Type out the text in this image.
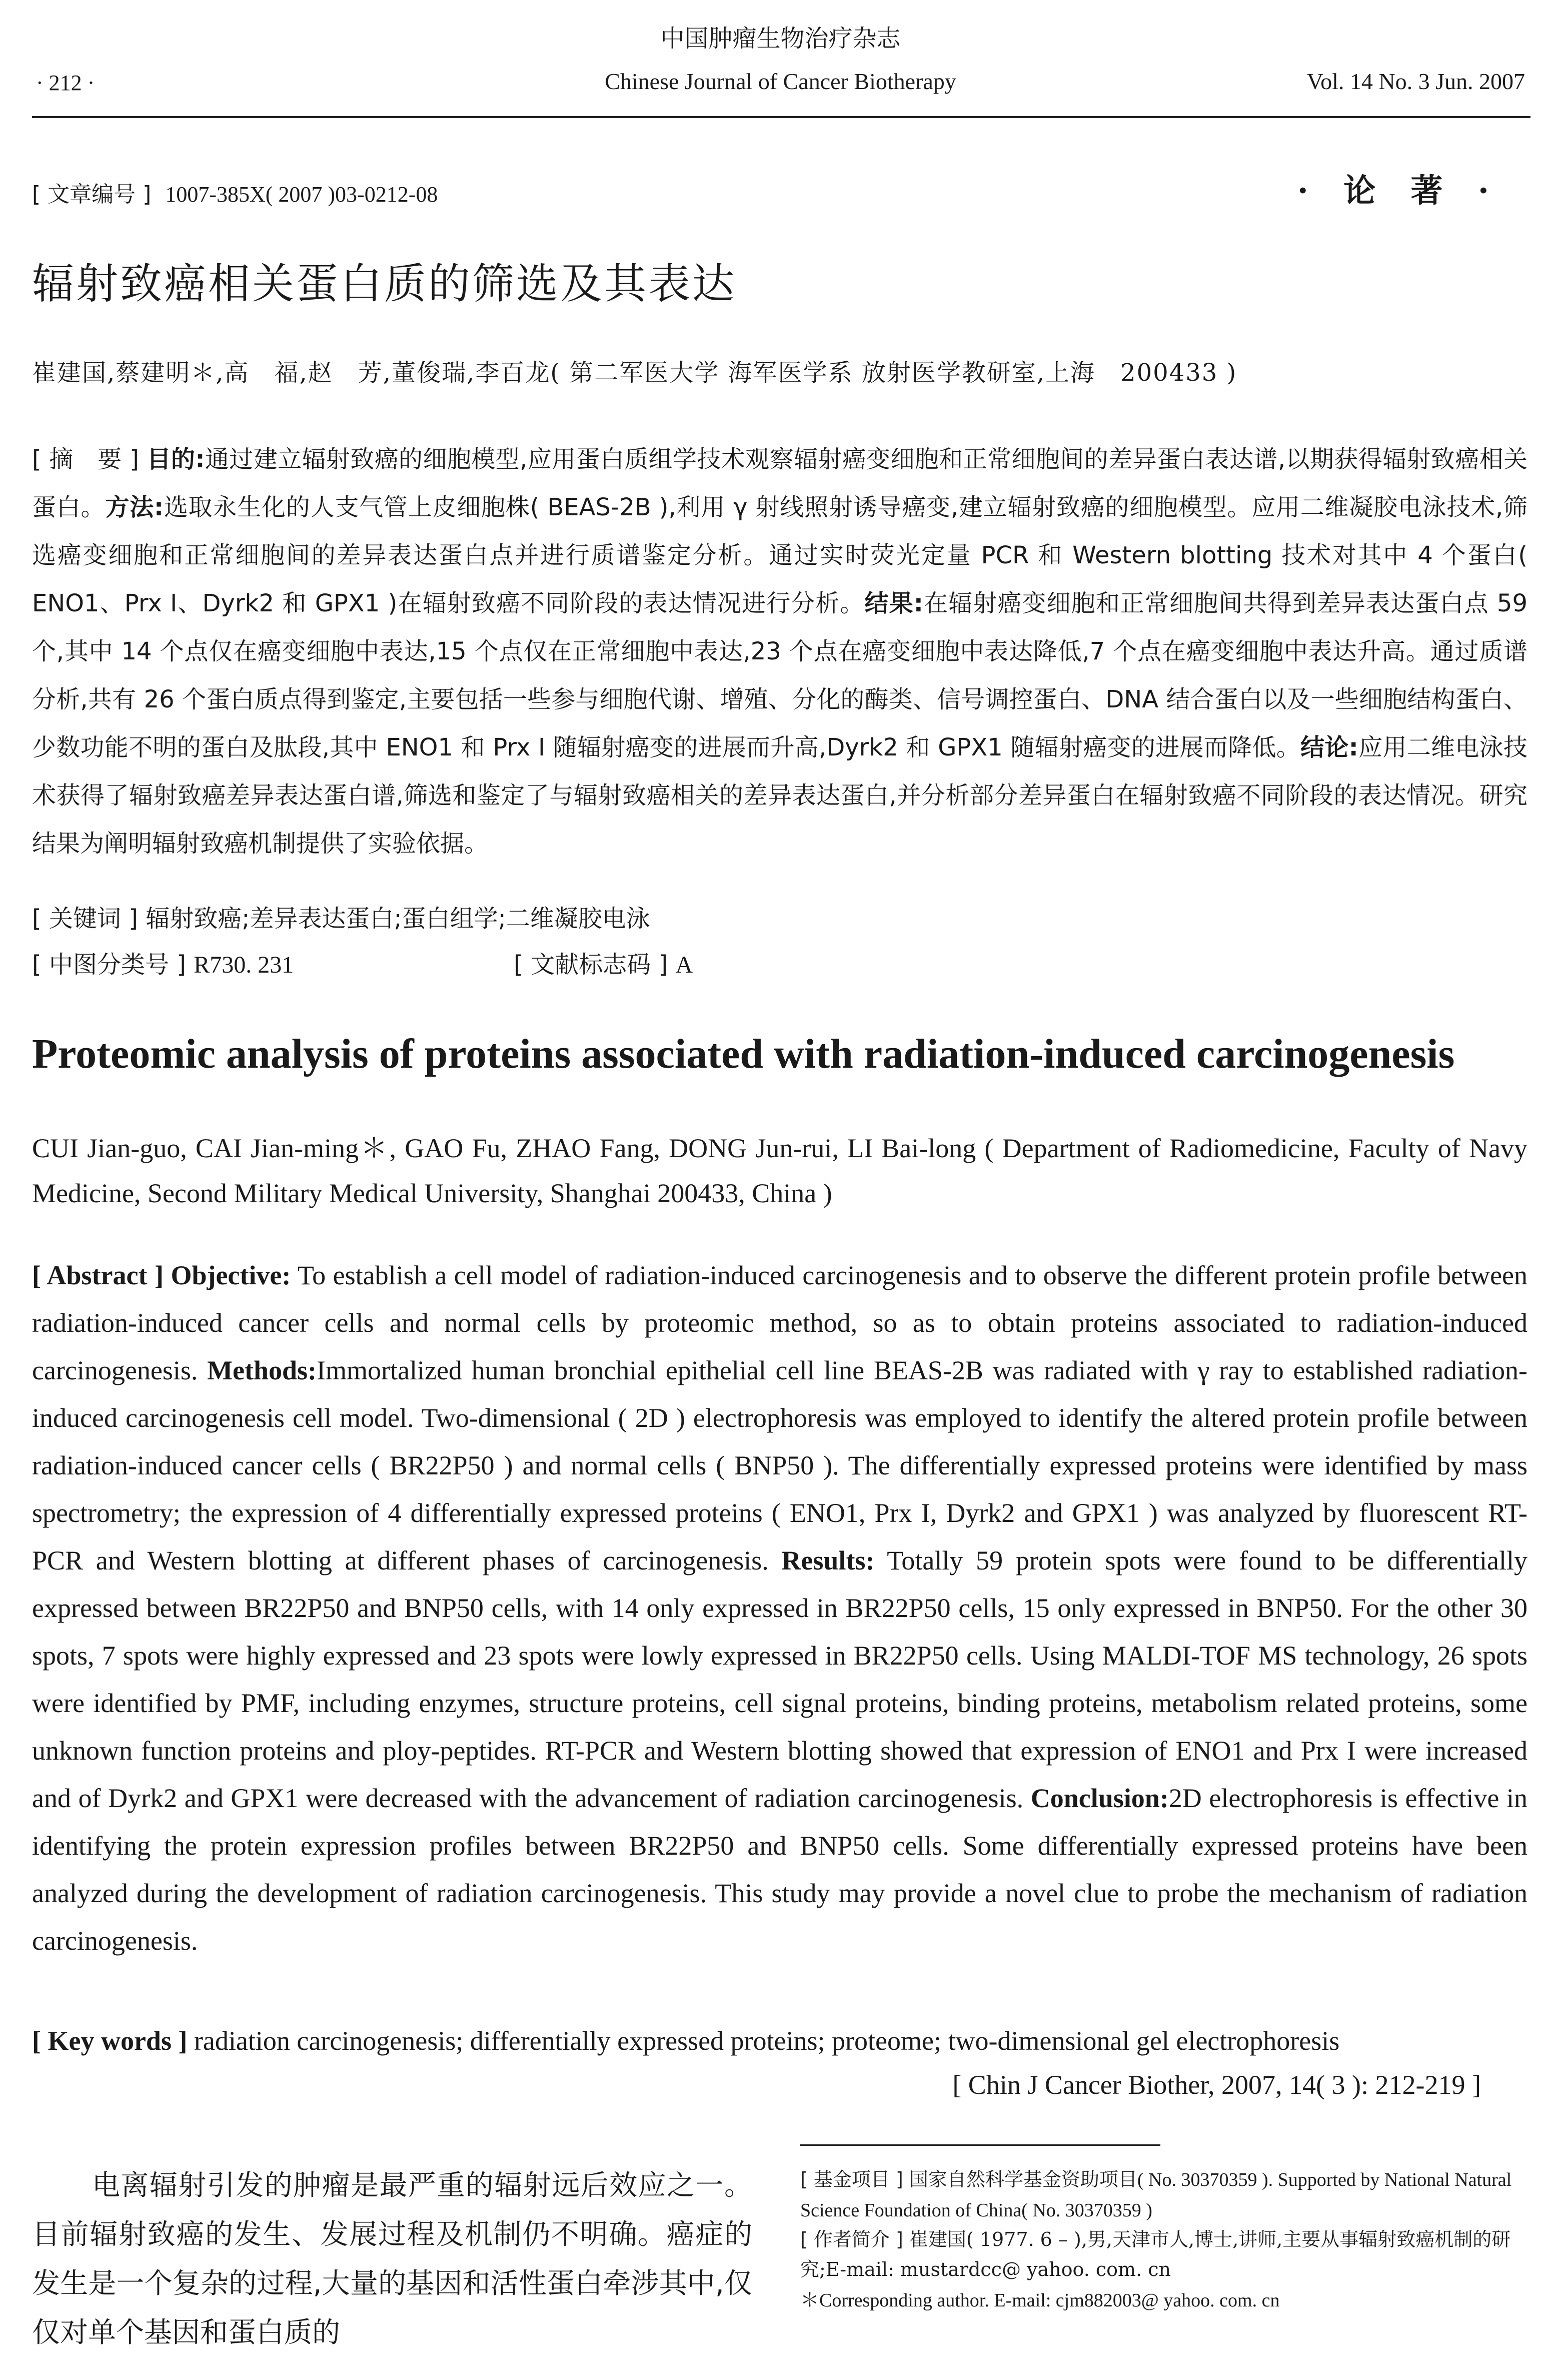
中国肿瘤生物治疗杂志
· 212 ·	Chinese Journal of Cancer Biotherapy	Vol. 14 No. 3 Jun. 2007
[ 文章编号 ] 1007-385X( 2007 )03-0212-08	· 论 著 ·
辐射致癌相关蛋白质的筛选及其表达
崔建国,蔡建明＊,高　福,赵　芳,董俊瑞,李百龙( 第二军医大学 海军医学系 放射医学教研室,上海　200433 )
[ 摘　要 ] 目的:通过建立辐射致癌的细胞模型,应用蛋白质组学技术观察辐射癌变细胞和正常细胞间的差异蛋白表达谱,以期获得辐射致癌相关蛋白。方法:选取永生化的人支气管上皮细胞株( BEAS-2B ),利用 γ 射线照射诱导癌变,建立辐射致癌的细胞模型。应用二维凝胶电泳技术,筛选癌变细胞和正常细胞间的差异表达蛋白点并进行质谱鉴定分析。通过实时荧光定量 PCR 和 Western blotting 技术对其中 4 个蛋白( ENO1、Prx I、Dyrk2 和 GPX1 )在辐射致癌不同阶段的表达情况进行分析。结果:在辐射癌变细胞和正常细胞间共得到差异表达蛋白点 59 个,其中 14 个点仅在癌变细胞中表达,15 个点仅在正常细胞中表达,23 个点在癌变细胞中表达降低,7 个点在癌变细胞中表达升高。通过质谱分析,共有 26 个蛋白质点得到鉴定,主要包括一些参与细胞代谢、增殖、分化的酶类、信号调控蛋白、DNA 结合蛋白以及一些细胞结构蛋白、少数功能不明的蛋白及肽段,其中 ENO1 和 Prx I 随辐射癌变的进展而升高,Dyrk2 和 GPX1 随辐射癌变的进展而降低。结论:应用二维电泳技术获得了辐射致癌差异表达蛋白谱,筛选和鉴定了与辐射致癌相关的差异表达蛋白,并分析部分差异蛋白在辐射致癌不同阶段的表达情况。研究结果为阐明辐射致癌机制提供了实验依据。
[ 关键词 ] 辐射致癌;差异表达蛋白;蛋白组学;二维凝胶电泳
[ 中图分类号 ] R730. 231	[ 文献标志码 ] A
Proteomic analysis of proteins associated with radiation-induced carcinogenesis
CUI Jian-guo, CAI Jian-ming＊, GAO Fu, ZHAO Fang, DONG Jun-rui, LI Bai-long ( Department of Radiomedicine, Faculty of Navy Medicine, Second Military Medical University, Shanghai 200433, China )
[ Abstract ] Objective: To establish a cell model of radiation-induced carcinogenesis and to observe the different protein profile between radiation-induced cancer cells and normal cells by proteomic method, so as to obtain proteins associated to radiation-induced carcinogenesis. Methods:Immortalized human bronchial epithelial cell line BEAS-2B was radiated with γ ray to established radiation-induced carcinogenesis cell model. Two-dimensional ( 2D ) electrophoresis was employed to identify the altered protein profile between radiation-induced cancer cells ( BR22P50 ) and normal cells ( BNP50 ). The differentially expressed proteins were identified by mass spectrometry; the expression of 4 differentially expressed proteins ( ENO1, Prx I, Dyrk2 and GPX1 ) was analyzed by fluorescent RT-PCR and Western blotting at different phases of carcinogenesis. Results: Totally 59 protein spots were found to be differentially expressed between BR22P50 and BNP50 cells, with 14 only expressed in BR22P50 cells, 15 only expressed in BNP50. For the other 30 spots, 7 spots were highly expressed and 23 spots were lowly expressed in BR22P50 cells. Using MALDI-TOF MS technology, 26 spots were identified by PMF, including enzymes, structure proteins, cell signal proteins, binding proteins, metabolism related proteins, some unknown function proteins and ploy-peptides. RT-PCR and Western blotting showed that expression of ENO1 and Prx I were increased and of Dyrk2 and GPX1 were decreased with the advancement of radiation carcinogenesis. Conclusion:2D electrophoresis is effective in identifying the protein expression profiles between BR22P50 and BNP50 cells. Some differentially expressed proteins have been analyzed during the development of radiation carcinogenesis. This study may provide a novel clue to probe the mechanism of radiation carcinogenesis.
[ Key words ] radiation carcinogenesis; differentially expressed proteins; proteome; two-dimensional gel electrophoresis
[ Chin J Cancer Biother, 2007, 14( 3 ): 212-219 ]
电离辐射引发的肿瘤是最严重的辐射远后效应之一。目前辐射致癌的发生、发展过程及机制仍不明确。癌症的发生是一个复杂的过程,大量的基因和活性蛋白牵涉其中,仅仅对单个基因和蛋白质的
[ 基金项目 ] 国家自然科学基金资助项目( No. 30370359 ). Supported by National Natural Science Foundation of China( No. 30370359 )
[ 作者简介 ] 崔建国( 1977. 6 – ),男,天津市人,博士,讲师,主要从事辐射致癌机制的研究;E-mail: mustardcc@ yahoo. com. cn
＊Corresponding author. E-mail: cjm882003@ yahoo. com. cn
